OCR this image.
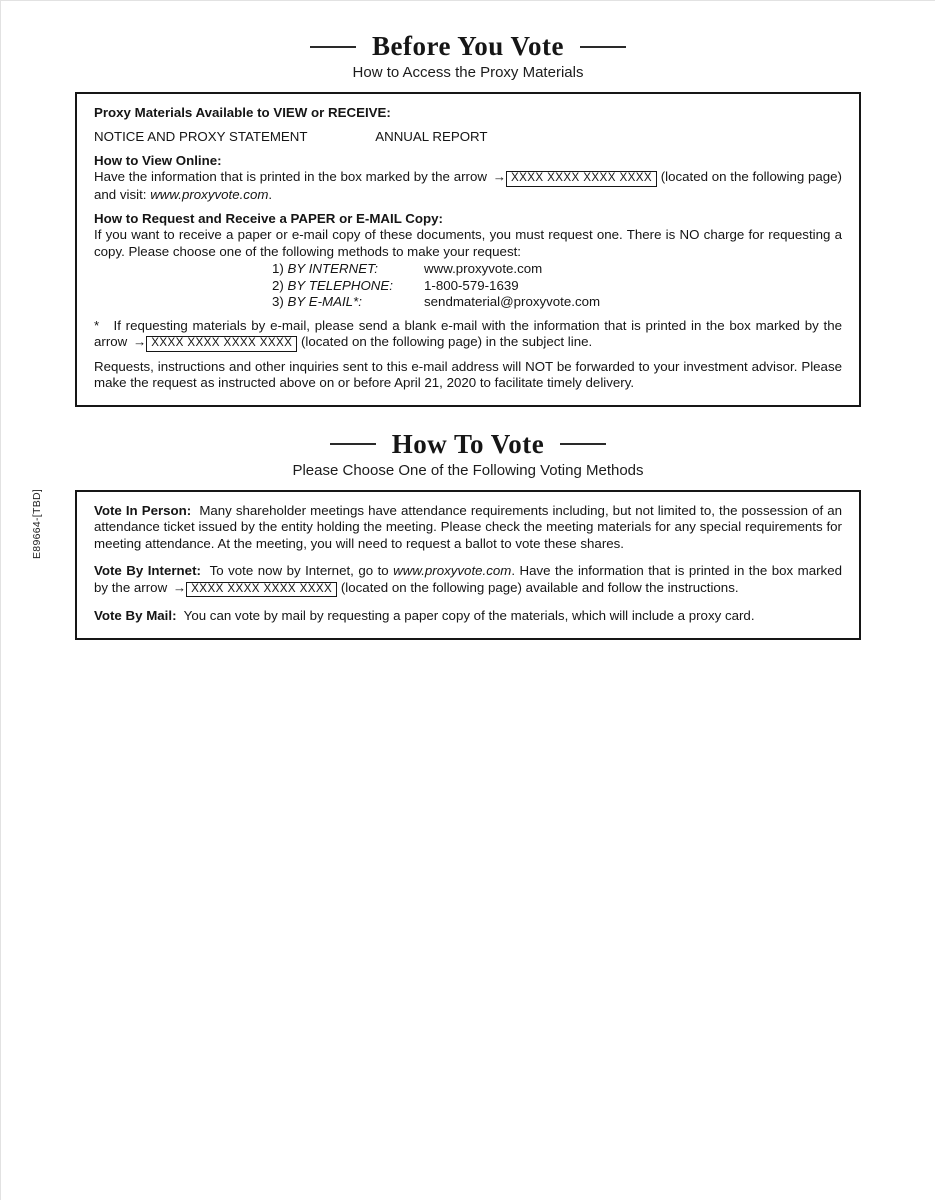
Before You Vote
How to Access the Proxy Materials

Proxy Materials Available to VIEW or RECEIVE:

NOTICE AND PROXY STATEMENT	ANNUAL REPORT

How to View Online:

Have the information that is printed in the box marked by the arrow → XXXX XXXX XXXX XXXX (located on the following page) and visit: www.proxyvote.com.

How to Request and Receive a PAPER or E-MAIL Copy:

If you want to receive a paper or e-mail copy of these documents, you must request one. There is NO charge for requesting a copy. Please choose one of the following methods to make your request:

1) BY INTERNET:	www.proxyvote.com
2) BY TELEPHONE:	1-800-579-1639
3) BY E-MAIL*:	sendmaterial@proxyvote.com

* If requesting materials by e-mail, please send a blank e-mail with the information that is printed in the box marked by the arrow → XXXX XXXX XXXX XXXX (located on the following page) in the subject line.

Requests, instructions and other inquiries sent to this e-mail address will NOT be forwarded to your investment advisor. Please make the request as instructed above on or before April 21, 2020 to facilitate timely delivery.

How To Vote
Please Choose One of the Following Voting Methods

Vote In Person: Many shareholder meetings have attendance requirements including, but not limited to, the possession of an attendance ticket issued by the entity holding the meeting. Please check the meeting materials for any special requirements for meeting attendance. At the meeting, you will need to request a ballot to vote these shares.

Vote By Internet: To vote now by Internet, go to www.proxyvote.com. Have the information that is printed in the box marked by the arrow → XXXX XXXX XXXX XXXX (located on the following page) available and follow the instructions.

Vote By Mail: You can vote by mail by requesting a paper copy of the materials, which will include a proxy card.

E89664-[TBD]
